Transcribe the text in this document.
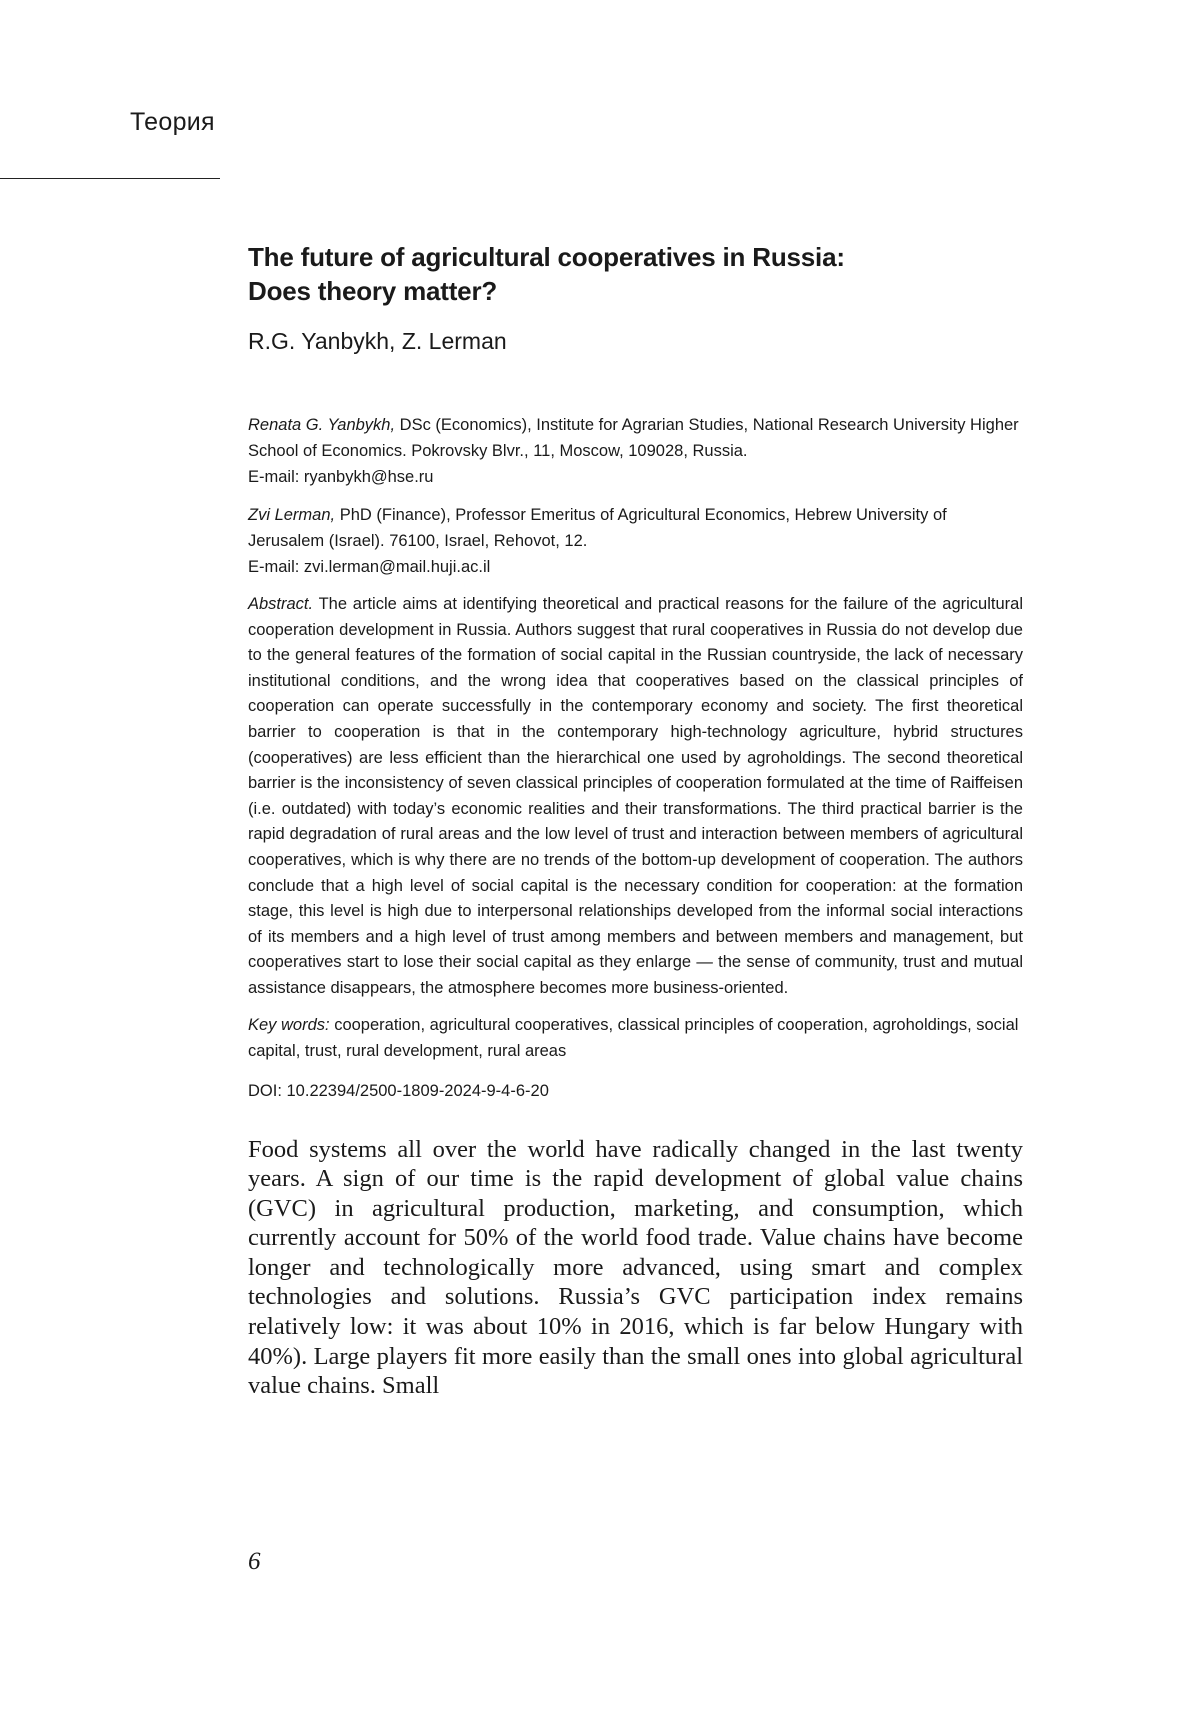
Теория
The future of agricultural cooperatives in Russia:
Does theory matter?
R.G. Yanbykh, Z. Lerman
Renata G. Yanbykh, DSc (Economics), Institute for Agrarian Studies, National Research University Higher School of Economics. Pokrovsky Blvr., 11, Moscow, 109028, Russia.
E-mail: ryanbykh@hse.ru
Zvi Lerman, PhD (Finance), Professor Emeritus of Agricultural Economics, Hebrew University of Jerusalem (Israel). 76100, Israel, Rehovot, 12.
E-mail: zvi.lerman@mail.huji.ac.il
Abstract. The article aims at identifying theoretical and practical reasons for the failure of the agricultural cooperation development in Russia. Authors suggest that rural cooperatives in Russia do not develop due to the general features of the formation of social capital in the Russian countryside, the lack of necessary institutional conditions, and the wrong idea that cooperatives based on the classical principles of cooperation can operate successfully in the contemporary economy and society. The first theoretical barrier to cooperation is that in the contemporary high-technology agriculture, hybrid structures (cooperatives) are less efficient than the hierarchical one used by agroholdings. The second theoretical barrier is the inconsistency of seven classical principles of cooperation formulated at the time of Raiffeisen (i.e. outdated) with today’s economic realities and their transformations. The third practical barrier is the rapid degradation of rural areas and the low level of trust and interaction between members of agricultural cooperatives, which is why there are no trends of the bottom-up development of cooperation. The authors conclude that a high level of social capital is the necessary condition for cooperation: at the formation stage, this level is high due to interpersonal relationships developed from the informal social interactions of its members and a high level of trust among members and between members and management, but cooperatives start to lose their social capital as they enlarge — the sense of community, trust and mutual assistance disappears, the atmosphere becomes more business-oriented.
Key words: cooperation, agricultural cooperatives, classical principles of cooperation, agroholdings, social capital, trust, rural development, rural areas
DOI: 10.22394/2500-1809-2024-9-4-6-20

Food systems all over the world have radically changed in the last twenty years. A sign of our time is the rapid development of global value chains (GVC) in agricultural production, marketing, and consumption, which currently account for 50% of the world food trade. Value chains have become longer and technologically more advanced, using smart and complex technologies and solutions. Russia’s GVC participation index remains relatively low: it was about 10% in 2016, which is far below Hungary with 40%). Large players fit more easily than the small ones into global agricultural value chains. Small

6
